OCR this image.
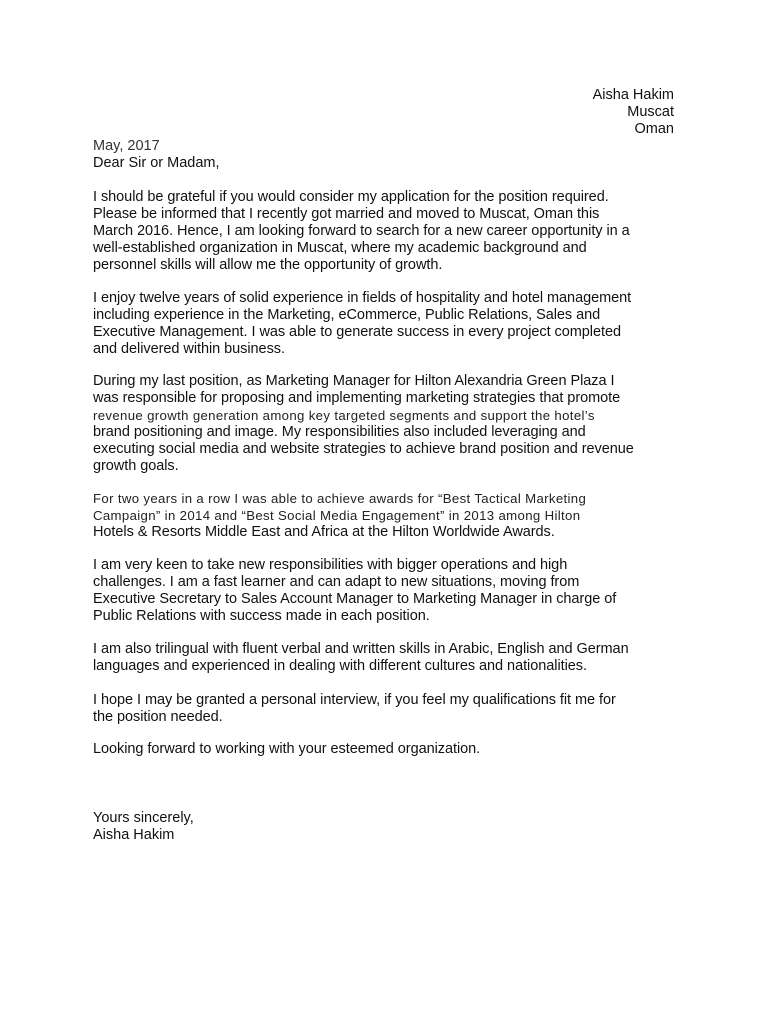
Aisha Hakim
Muscat
Oman
May, 2017
Dear Sir or Madam,
I should be grateful if you would consider my application for the position required.
Please be informed that I recently got married and moved to Muscat, Oman this
March 2016. Hence, I am looking forward to search for a new career opportunity in a
well-established organization in Muscat, where my academic background and
personnel skills will allow me the opportunity of growth.
I enjoy twelve years of solid experience in fields of hospitality and hotel management
including experience in the Marketing, eCommerce, Public Relations, Sales and
Executive Management. I was able to generate success in every project completed
and delivered within business.
During my last position, as Marketing Manager for Hilton Alexandria Green Plaza I
was responsible for proposing and implementing marketing strategies that promote
revenue growth generation among key targeted segments and support the hotel’s
brand positioning and image. My responsibilities also included leveraging and
executing social media and website strategies to achieve brand position and revenue
growth goals.
For two years in a row I was able to achieve awards for “Best Tactical Marketing
Campaign” in 2014 and “Best Social Media Engagement” in 2013 among Hilton
Hotels & Resorts Middle East and Africa at the Hilton Worldwide Awards.
I am very keen to take new responsibilities with bigger operations and high
challenges. I am a fast learner and can adapt to new situations, moving from
Executive Secretary to Sales Account Manager to Marketing Manager in charge of
Public Relations with success made in each position.
I am also trilingual with fluent verbal and written skills in Arabic, English and German
languages and experienced in dealing with different cultures and nationalities.
I hope I may be granted a personal interview, if you feel my qualifications fit me for
the position needed.
Looking forward to working with your esteemed organization.
Yours sincerely,
Aisha Hakim
